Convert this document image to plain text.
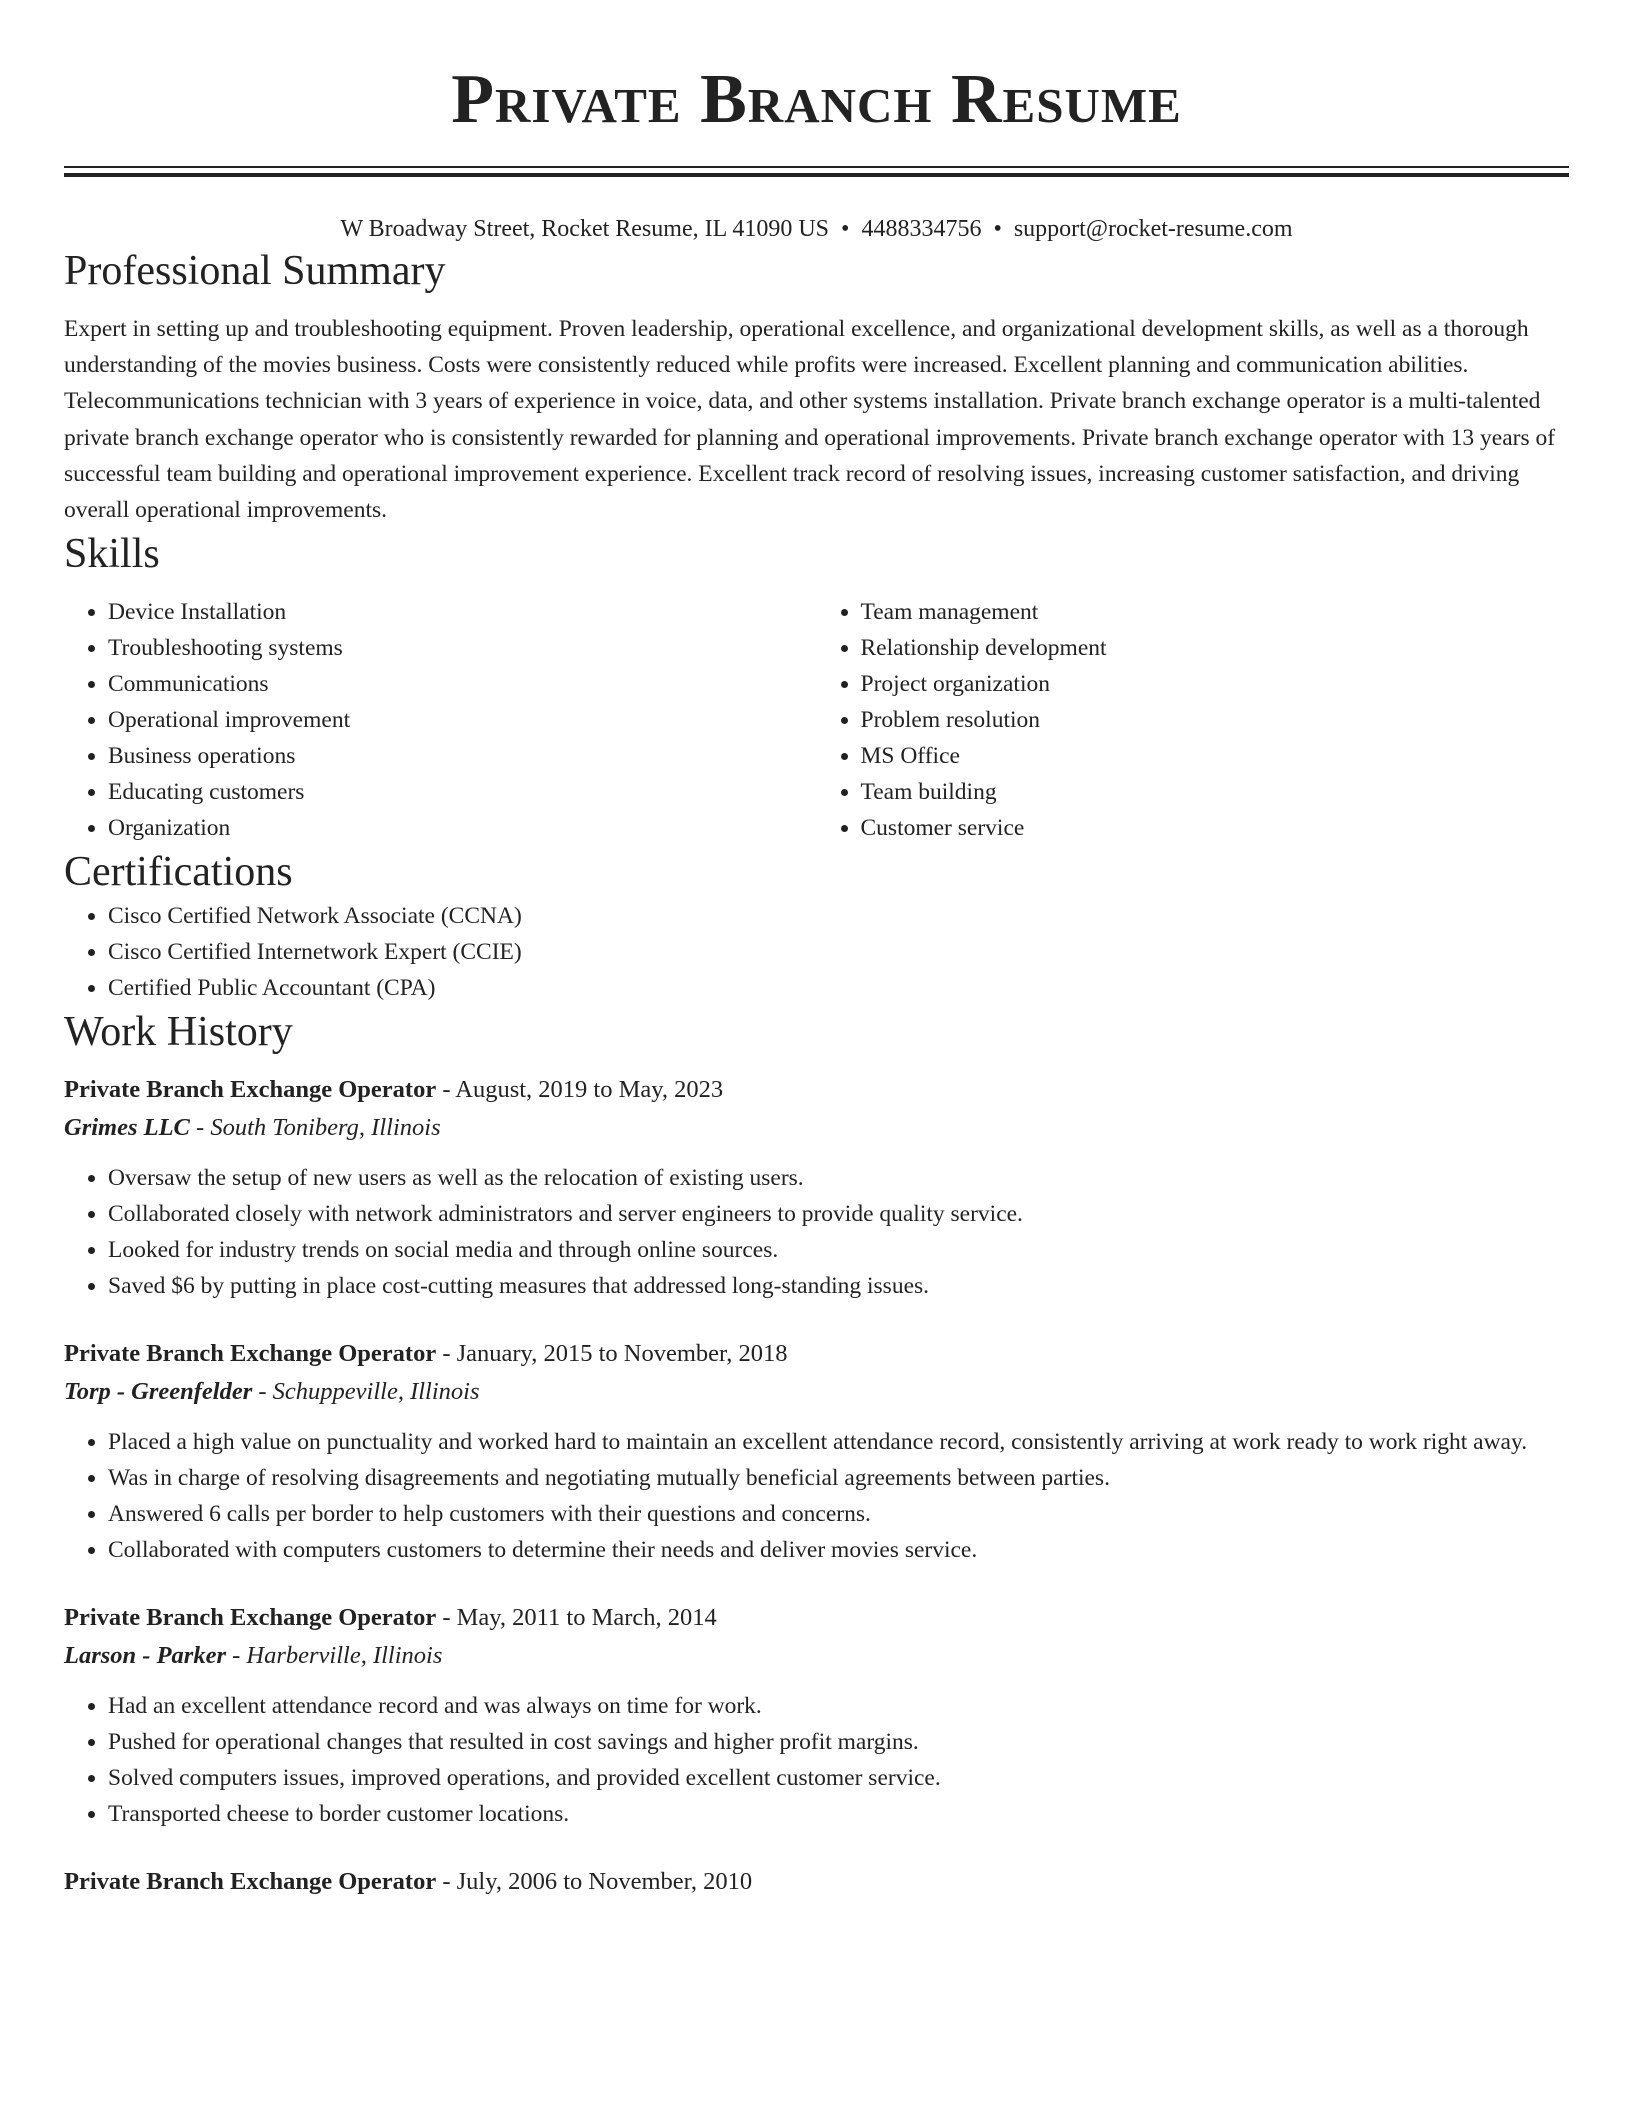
Private Branch Resume
W Broadway Street, Rocket Resume, IL 41090 US • 4488334756 • support@rocket-resume.com
Professional Summary

Expert in setting up and troubleshooting equipment. Proven leadership, operational excellence, and organizational development skills, as well as a thorough understanding of the movies business. Costs were consistently reduced while profits were increased. Excellent planning and communication abilities. Telecommunications technician with 3 years of experience in voice, data, and other systems installation. Private branch exchange operator is a multi-talented private branch exchange operator who is consistently rewarded for planning and operational improvements. Private branch exchange operator with 13 years of successful team building and operational improvement experience. Excellent track record of resolving issues, increasing customer satisfaction, and driving overall operational improvements.

Skills
• Device Installation
• Troubleshooting systems
• Communications
• Operational improvement
• Business operations
• Educating customers
• Organization
• Team management
• Relationship development
• Project organization
• Problem resolution
• MS Office
• Team building
• Customer service
Certifications
• Cisco Certified Network Associate (CCNA)
• Cisco Certified Internetwork Expert (CCIE)
• Certified Public Accountant (CPA)
Work History
Private Branch Exchange Operator - August, 2019 to May, 2023
Grimes LLC - South Toniberg, Illinois
• Oversaw the setup of new users as well as the relocation of existing users.
• Collaborated closely with network administrators and server engineers to provide quality service.
• Looked for industry trends on social media and through online sources.
• Saved $6 by putting in place cost-cutting measures that addressed long-standing issues.
Private Branch Exchange Operator - January, 2015 to November, 2018
Torp - Greenfelder - Schuppeville, Illinois
• Placed a high value on punctuality and worked hard to maintain an excellent attendance record, consistently arriving at work ready to work right away.
• Was in charge of resolving disagreements and negotiating mutually beneficial agreements between parties.
• Answered 6 calls per border to help customers with their questions and concerns.
• Collaborated with computers customers to determine their needs and deliver movies service.
Private Branch Exchange Operator - May, 2011 to March, 2014
Larson - Parker - Harberville, Illinois
• Had an excellent attendance record and was always on time for work.
• Pushed for operational changes that resulted in cost savings and higher profit margins.
• Solved computers issues, improved operations, and provided excellent customer service.
• Transported cheese to border customer locations.
Private Branch Exchange Operator - July, 2006 to November, 2010
